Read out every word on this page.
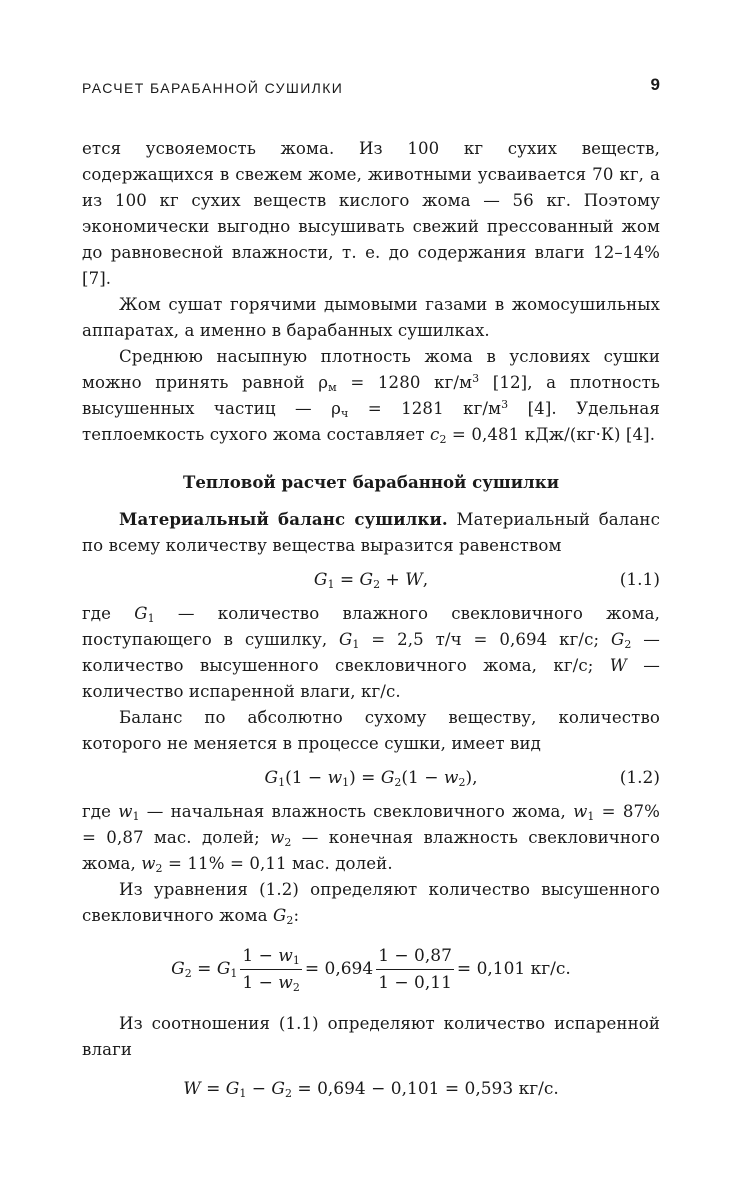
РАСЧЕТ БАРАБАННОЙ СУШИЛКИ	9

ется усвояемость жома. Из 100 кг сухих веществ, содержащихся в свежем жоме, животными усваивается 70 кг, а из 100 кг сухих веществ кислого жома — 56 кг. Поэтому экономически выгодно высушивать свежий прессованный жом до равновесной влажности, т. е. до содержания влаги 12–14% [7].

Жом сушат горячими дымовыми газами в жомосушильных аппаратах, а именно в барабанных сушилках.

Среднюю насыпную плотность жома в условиях сушки можно принять равной $\rho_м = 1280$ $кг/м^3$ [12], а плотность высушенных частиц — $\rho_ч = 1281$ $кг/м^3$ [4]. Удельная теплоемкость сухого жома составляет $c_2 = 0,481$ кДж/(кг·К) [4].

Тепловой расчет барабанной сушилки

Материальный баланс сушилки. Материальный баланс по всему количеству вещества выразится равенством

$G_1 = G_2 + W$,	(1.1)

где $G_1$ — количество влажного свекловичного жома, поступающего в сушилку, $G_1 = 2,5$ т/ч = 0,694 кг/с; $G_2$ — количество высушенного свекловичного жома, кг/с; W — количество испаренной влаги, кг/с.

Баланс по абсолютно сухому веществу, количество которого не меняется в процессе сушки, имеет вид

$G_1(1 - w_1) = G_2(1 - w_2)$,	(1.2)

где $w_1$ — начальная влажность свекловичного жома, $w_1 = 87\% = 0,87$ мас. долей; $w_2$ — конечная влажность свекловичного жома, $w_2 = 11\% = 0,11$ мас. долей.

Из уравнения (1.2) определяют количество высушенного свекловичного жома $G_2$:

$G_2 = G_1 \frac{1 - w_1}{1 - w_2} = 0,694 \frac{1 - 0,87}{1 - 0,11} = 0,101$ кг/с.

Из соотношения (1.1) определяют количество испаренной влаги

$W = G_1 - G_2 = 0,694 - 0,101 = 0,593$ кг/с.
